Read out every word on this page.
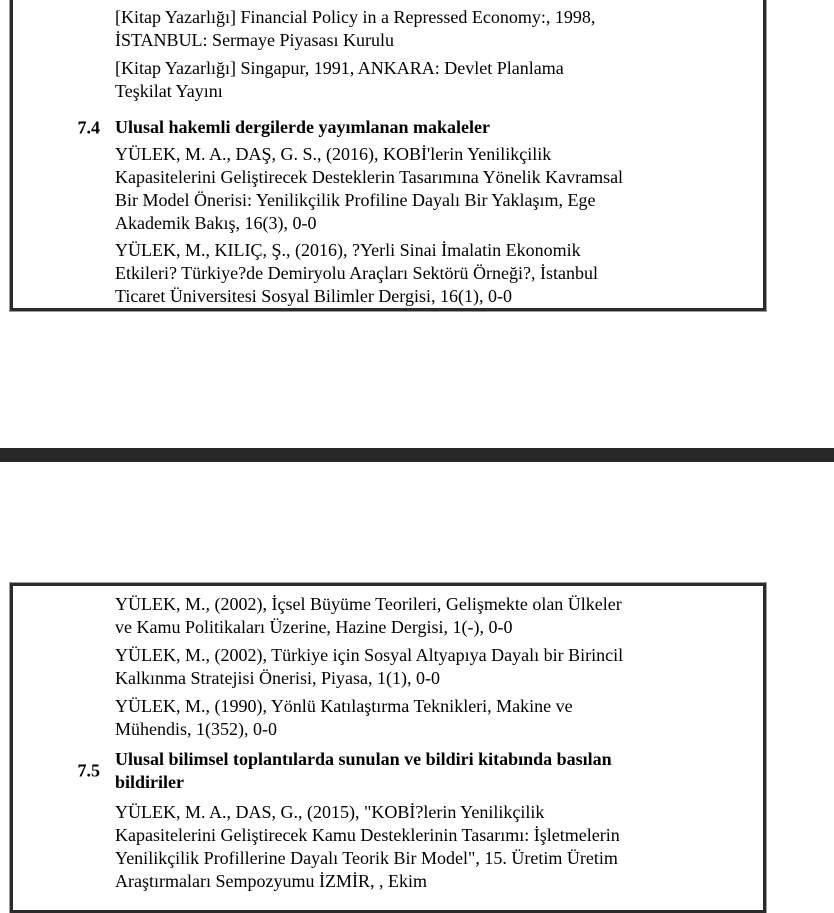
[Kitap Yazarlığı] Financial Policy in a Repressed Economy:, 1998,
İSTANBUL: Sermaye Piyasası Kurulu
[Kitap Yazarlığı] Singapur, 1991, ANKARA: Devlet Planlama
Teşkilat Yayını
7.4 Ulusal hakemli dergilerde yayımlanan makaleler
YÜLEK, M. A., DAŞ, G. S., (2016), KOBİ'lerin Yenilikçilik
Kapasitelerini Geliştirecek Desteklerin Tasarımına Yönelik Kavramsal
Bir Model Önerisi: Yenilikçilik Profiline Dayalı Bir Yaklaşım, Ege
Akademik Bakış, 16(3), 0-0
YÜLEK, M., KILIÇ, Ş., (2016), ?Yerli Sinai İmalatin Ekonomik
Etkileri? Türkiye?de Demiryolu Araçları Sektörü Örneği?, İstanbul
Ticaret Üniversitesi Sosyal Bilimler Dergisi, 16(1), 0-0
YÜLEK, M., (2002), İçsel Büyüme Teorileri, Gelişmekte olan Ülkeler
ve Kamu Politikaları Üzerine, Hazine Dergisi, 1(-), 0-0
YÜLEK, M., (2002), Türkiye için Sosyal Altyapıya Dayalı bir Birincil
Kalkınma Stratejisi Önerisi, Piyasa, 1(1), 0-0
YÜLEK, M., (1990), Yönlü Katılaştırma Teknikleri, Makine ve
Mühendis, 1(352), 0-0
7.5
Ulusal bilimsel toplantılarda sunulan ve bildiri kitabında basılan
bildiriler
YÜLEK, M. A., DAS, G., (2015), "KOBİ?lerin Yenilikçilik
Kapasitelerini Geliştirecek Kamu Desteklerinin Tasarımı: İşletmelerin
Yenilikçilik Profillerine Dayalı Teorik Bir Model", 15. Üretim Üretim
Araştırmaları Sempozyumu İZMİR, , Ekim
